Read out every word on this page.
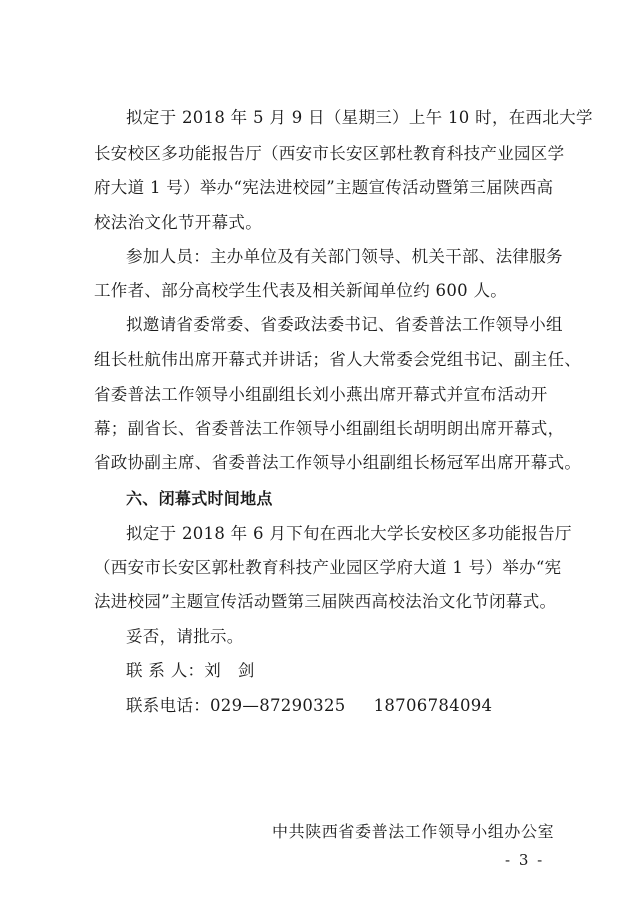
拟定于 2018 年 5 月 9 日（星期三）上午 10 时，在西北大学
长安校区多功能报告厅（西安市长安区郭杜教育科技产业园区学
府大道 1 号）举办“宪法进校园”主题宣传活动暨第三届陕西高
校法治文化节开幕式。
参加人员：主办单位及有关部门领导、机关干部、法律服务
工作者、部分高校学生代表及相关新闻单位约 600 人。
拟邀请省委常委、省委政法委书记、省委普法工作领导小组
组长杜航伟出席开幕式并讲话；省人大常委会党组书记、副主任、
省委普法工作领导小组副组长刘小燕出席开幕式并宣布活动开
幕；副省长、省委普法工作领导小组副组长胡明朗出席开幕式，
省政协副主席、省委普法工作领导小组副组长杨冠军出席开幕式。
六、闭幕式时间地点
拟定于 2018 年 6 月下旬在西北大学长安校区多功能报告厅
（西安市长安区郭杜教育科技产业园区学府大道 1 号）举办“宪
法进校园”主题宣传活动暨第三届陕西高校法治文化节闭幕式。
妥否，请批示。
联 系 人：刘　剑
联系电话：029—87290325 18706784094
中共陕西省委普法工作领导小组办公室
- 3 -
